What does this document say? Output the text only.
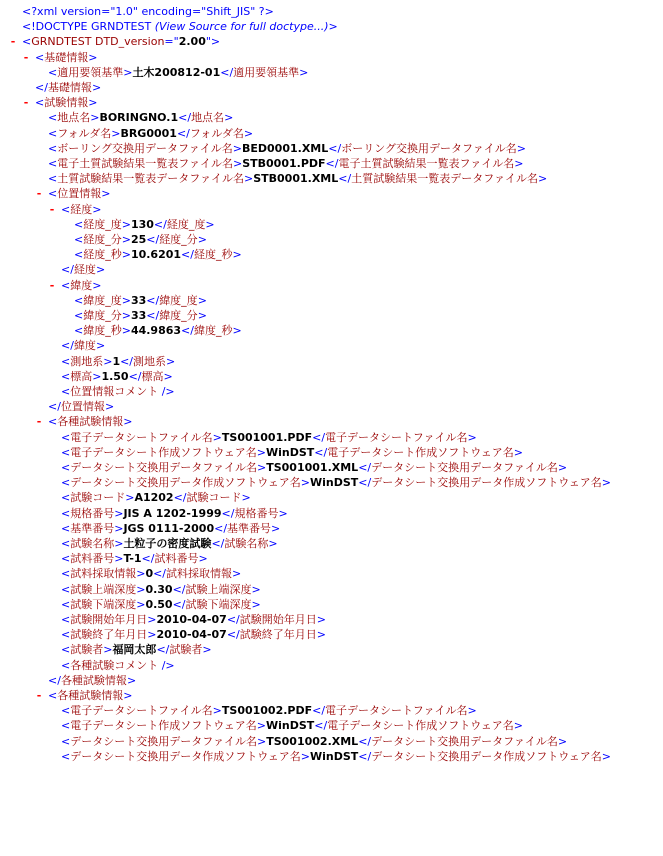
<?xml version="1.0" encoding="Shift_JIS" ?>
<!DOCTYPE GRNDTEST (View Source for full doctype...)>
- <GRNDTEST DTD_version="2.00">
- <基礎情報>
<適用要領基準>土木200812-01</適用要領基準>
</基礎情報>
- <試験情報>
<地点名>BORINGNO.1</地点名>
<フォルダ名>BRG0001</フォルダ名>
<ボーリング交換用データファイル名>BED0001.XML</ボーリング交換用データファイル名>
<電子土質試験結果一覧表ファイル名>STB0001.PDF</電子土質試験結果一覧表ファイル名>
<土質試験結果一覧表データファイル名>STB0001.XML</土質試験結果一覧表データファイル名>
- <位置情報>
- <経度>
<経度_度>130</経度_度>
<経度_分>25</経度_分>
<経度_秒>10.6201</経度_秒>
</経度>
- <緯度>
<緯度_度>33</緯度_度>
<緯度_分>33</緯度_分>
<緯度_秒>44.9863</緯度_秒>
</緯度>
<測地系>1</測地系>
<標高>1.50</標高>
<位置情報コメント />
</位置情報>
- <各種試験情報>
<電子データシートファイル名>TS001001.PDF</電子データシートファイル名>
<電子データシート作成ソフトウェア名>WinDST</電子データシート作成ソフトウェア名>
<データシート交換用データファイル名>TS001001.XML</データシート交換用データファイル名>
<データシート交換用データ作成ソフトウェア名>WinDST</データシート交換用データ作成ソフトウェア名>
<試験コード>A1202</試験コード>
<規格番号>JIS A 1202-1999</規格番号>
<基準番号>JGS 0111-2000</基準番号>
<試験名称>土粒子の密度試験</試験名称>
<試料番号>T-1</試料番号>
<試料採取情報>0</試料採取情報>
<試験上端深度>0.30</試験上端深度>
<試験下端深度>0.50</試験下端深度>
<試験開始年月日>2010-04-07</試験開始年月日>
<試験終了年月日>2010-04-07</試験終了年月日>
<試験者>福岡太郎</試験者>
<各種試験コメント />
</各種試験情報>
- <各種試験情報>
<電子データシートファイル名>TS001002.PDF</電子データシートファイル名>
<電子データシート作成ソフトウェア名>WinDST</電子データシート作成ソフトウェア名>
<データシート交換用データファイル名>TS001002.XML</データシート交換用データファイル名>
<データシート交換用データ作成ソフトウェア名>WinDST</データシート交換用データ作成ソフトウェア名>
